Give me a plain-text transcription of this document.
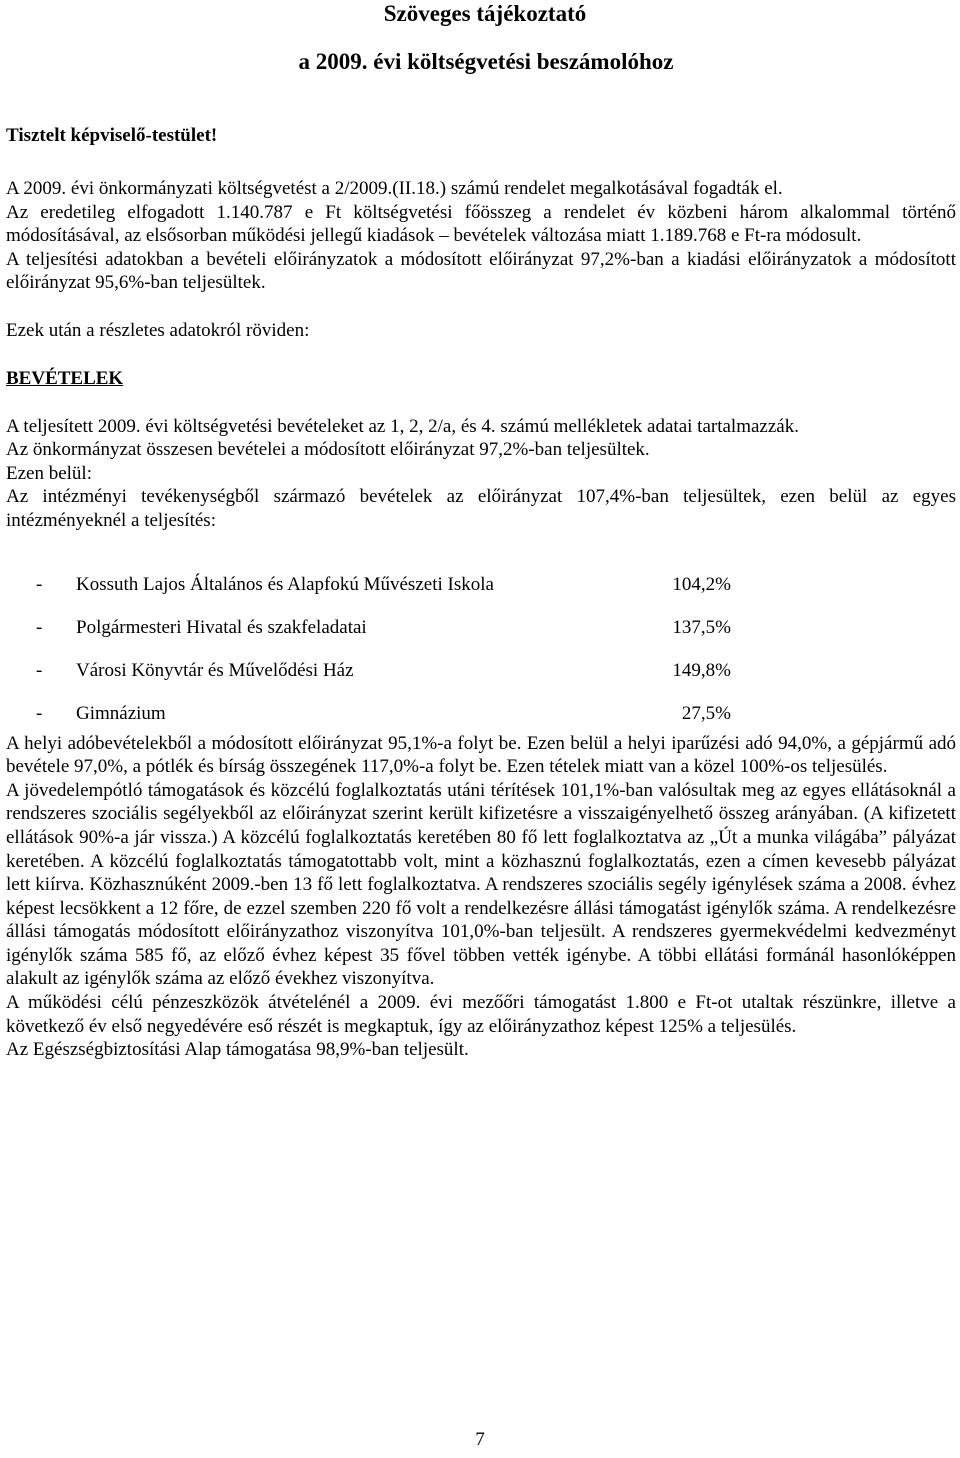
Szöveges tájékoztató
a 2009. évi költségvetési beszámolóhoz
Tisztelt képviselő-testület!

A 2009. évi önkormányzati költségvetést a 2/2009.(II.18.) számú rendelet megalkotásával fogadták el.

Az eredetileg elfogadott 1.140.787 e Ft költségvetési főösszeg a rendelet év közbeni három alkalommal történő módosításával, az elsősorban működési jellegű kiadások – bevételek változása miatt 1.189.768 e Ft-ra módosult.

A teljesítési adatokban a bevételi előirányzatok a módosított előirányzat 97,2%-ban a kiadási előirányzatok a módosított előirányzat 95,6%-ban teljesültek.

Ezek után a részletes adatokról röviden:

BEVÉTELEK

A teljesített 2009. évi költségvetési bevételeket az 1, 2, 2/a, és 4. számú mellékletek adatai tartalmazzák.

Az önkormányzat összesen bevételei a módosított előirányzat 97,2%-ban teljesültek.

Ezen belül:

Az intézményi tevékenységből származó bevételek az előirányzat 107,4%-ban teljesültek, ezen belül az egyes intézményeknél a teljesítés:

- Kossuth Lajos Általános és Alapfokú Művészeti Iskola	104,2%
- Polgármesteri Hivatal és szakfeladatai	137,5%
- Városi Könyvtár és Művelődési Ház	149,8%
- Gimnázium	27,5%

A helyi adóbevételekből a módosított előirányzat 95,1%-a folyt be. Ezen belül a helyi iparűzési adó 94,0%, a gépjármű adó bevétele 97,0%, a pótlék és bírság összegének 117,0%-a folyt be. Ezen tételek miatt van a közel 100%-os teljesülés.

A jövedelempótló támogatások és közcélú foglalkoztatás utáni térítések 101,1%-ban valósultak meg az egyes ellátásoknál a rendszeres szociális segélyekből az előirányzat szerint került kifizetésre a visszaigényelhető összeg arányában. (A kifizetett ellátások 90%-a jár vissza.) A közcélú foglalkoztatás keretében 80 fő lett foglalkoztatva az „Út a munka világába” pályázat keretében. A közcélú foglalkoztatás támogatottabb volt, mint a közhasznú foglalkoztatás, ezen a címen kevesebb pályázat lett kiírva. Közhasznúként 2009.-ben 13 fő lett foglalkoztatva. A rendszeres szociális segély igénylések száma a 2008. évhez képest lecsökkent a 12 főre, de ezzel szemben 220 fő volt a rendelkezésre állási támogatást igénylők száma. A rendelkezésre állási támogatás módosított előirányzathoz viszonyítva 101,0%-ban teljesült. A rendszeres gyermekvédelmi kedvezményt igénylők száma 585 fő, az előző évhez képest 35 fővel többen vették igénybe. A többi ellátási formánál hasonlóképpen alakult az igénylők száma az előző évekhez viszonyítva.

A működési célú pénzeszközök átvételénél a 2009. évi mezőőri támogatást 1.800 e Ft-ot utaltak részünkre, illetve a következő év első negyedévére eső részét is megkaptuk, így az előirányzathoz képest 125% a teljesülés.

Az Egészségbiztosítási Alap támogatása 98,9%-ban teljesült.

7
